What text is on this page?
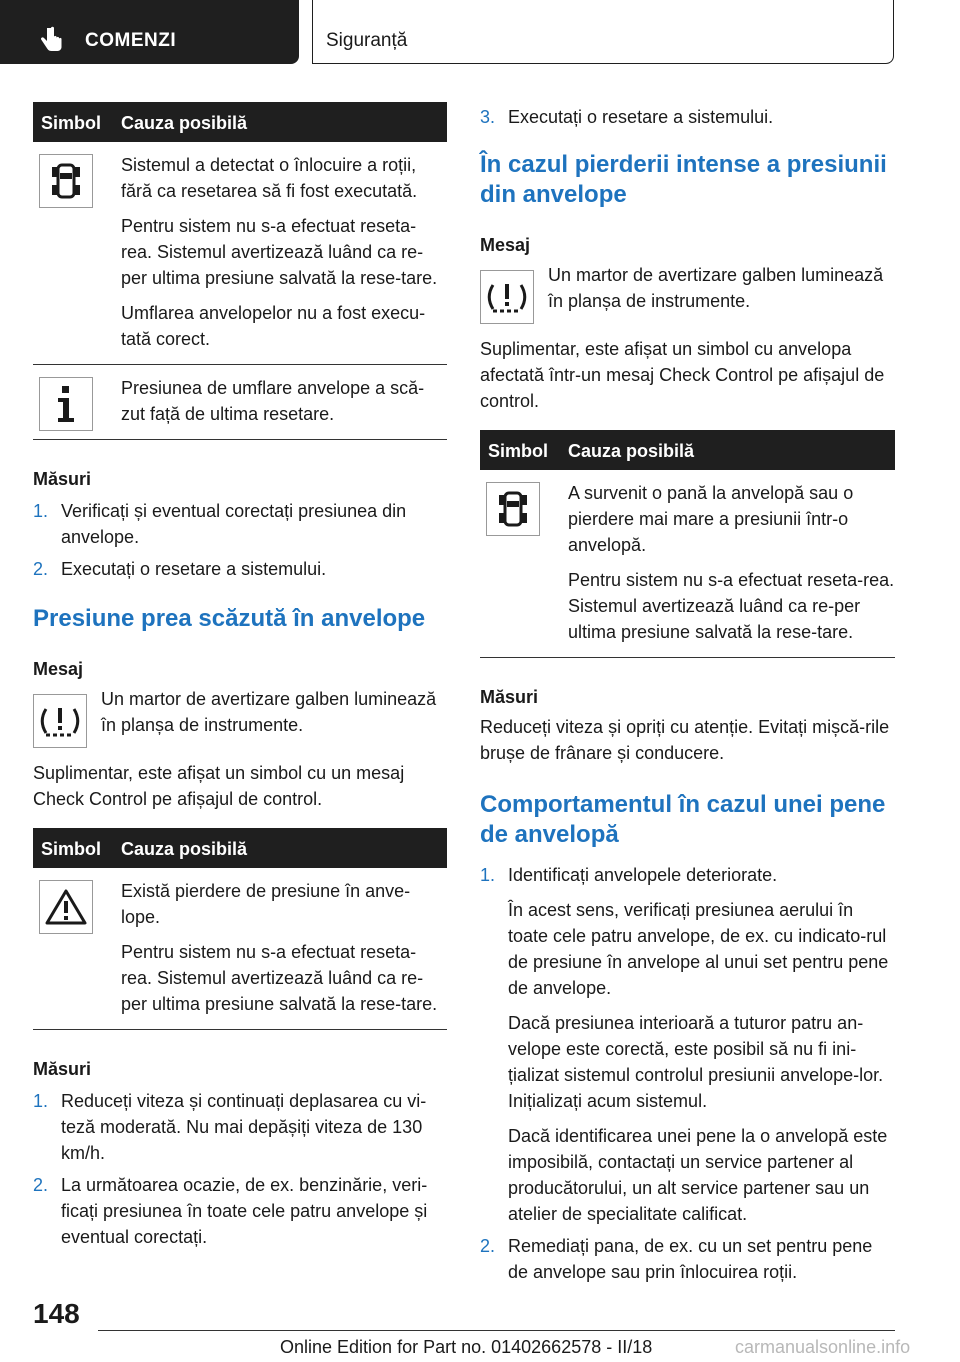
COMENZI	Siguranță
Simbol Cauza posibilă

Sistemul a detectat o înlocuire a roții, fără ca resetarea să fi fost executată.

Pentru sistem nu s-a efectuat reseta-rea. Sistemul avertizează luând ca re-per ultima presiune salvată la rese-tare.

Umflarea anvelopelor nu a fost execu-tată corect.

Presiunea de umflare anvelope a scă-zut față de ultima resetare.

Măsuri

1. Verificați și eventual corectați presiunea din anvelope.

2. Executați o resetare a sistemului.

Presiune prea scăzută în anvelope

Mesaj

Un martor de avertizare galben luminează în planșa de instrumente.

Suplimentar, este afișat un simbol cu un mesaj Check Control pe afișajul de control.

Simbol Cauza posibilă

Există pierdere de presiune în anve-lope.

Pentru sistem nu s-a efectuat reseta-rea. Sistemul avertizează luând ca re-per ultima presiune salvată la rese-tare.

Măsuri

1. Reduceți viteza și continuați deplasarea cu vi-teză moderată. Nu mai depășiți viteza de 130 km/h.

2. La următoarea ocazie, de ex. benzinărie, veri-ficați presiunea în toate cele patru anvelope și eventual corectați.

3. Executați o resetare a sistemului.

În cazul pierderii intense a presiunii din anvelope

Mesaj

Un martor de avertizare galben luminează în planșa de instrumente.

Suplimentar, este afișat un simbol cu anvelopa afectată într-un mesaj Check Control pe afișajul de control.

Simbol Cauza posibilă

A survenit o pană la anvelopă sau o pierdere mai mare a presiunii într-o anvelopă.

Pentru sistem nu s-a efectuat reseta-rea. Sistemul avertizează luând ca re-per ultima presiune salvată la rese-tare.

Măsuri

Reduceți viteza și opriți cu atenție. Evitați mișcă-rile brușe de frânare și conducere.

Comportamentul în cazul unei pene de anvelopă
1. Identificați anvelopele deteriorate.

În acest sens, verificați presiunea aerului în toate cele patru anvelope, de ex. cu indicato-rul de presiune în anvelope al unui set pentru pene de anvelope.

Dacă presiunea interioară a tuturor patru an-velope este corectă, este posibil să nu fi ini-țializat sistemul controlul presiunii anvelope-lor. Inițializați acum sistemul.

Dacă identificarea unei pene la o anvelopă este imposibilă, contactați un service partener al producătorului, un alt service partener sau un atelier de specialitate calificat.

2. Remediați pana, de ex. cu un set pentru pene de anvelope sau prin înlocuirea roții.

148
Online Edition for Part no. 01402662578 - II/18	carmanualsonline.info
